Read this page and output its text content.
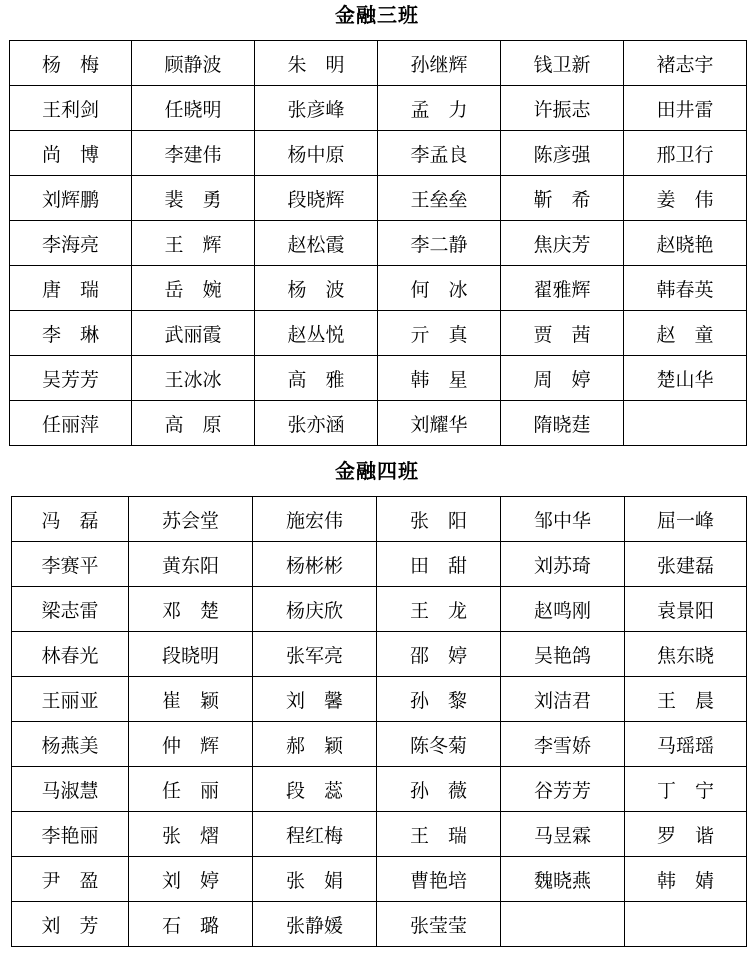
金融三班
杨　梅	顾静波	朱　明	孙继辉	钱卫新	褚志宇
王利剑	任晓明	张彦峰	孟　力	许振志	田井雷
尚　博	李建伟	杨中原	李孟良	陈彦强	邢卫行
刘辉鹏	裴　勇	段晓辉	王垒垒	靳　希	姜　伟
李海亮	王　辉	赵松霞	李二静	焦庆芳	赵晓艳
唐　瑞	岳　婉	杨　波	何　冰	翟雅辉	韩春英
李　琳	武丽霞	赵丛悦	亓　真	贾　茜	赵　童
吴芳芳	王冰冰	高　雅	韩　星	周　婷	楚山华
任丽萍	高　原	张亦涵	刘耀华	隋晓莛	
金融四班
冯　磊	苏会堂	施宏伟	张　阳	邹中华	屈一峰
李赛平	黄东阳	杨彬彬	田　甜	刘苏琦	张建磊
梁志雷	邓　楚	杨庆欣	王　龙	赵鸣刚	袁景阳
林春光	段晓明	张军亮	邵　婷	吴艳鸽	焦东晓
王丽亚	崔　颖	刘　馨	孙　黎	刘洁君	王　晨
杨燕美	仲　辉	郝　颖	陈冬菊	李雪娇	马瑶瑶
马淑慧	任　丽	段　蕊	孙　薇	谷芳芳	丁　宁
李艳丽	张　熠	程红梅	王　瑞	马昱霖	罗　谐
尹　盈	刘　婷	张　娟	曹艳培	魏晓燕	韩　婧
刘　芳	石　璐	张静媛	张莹莹		
